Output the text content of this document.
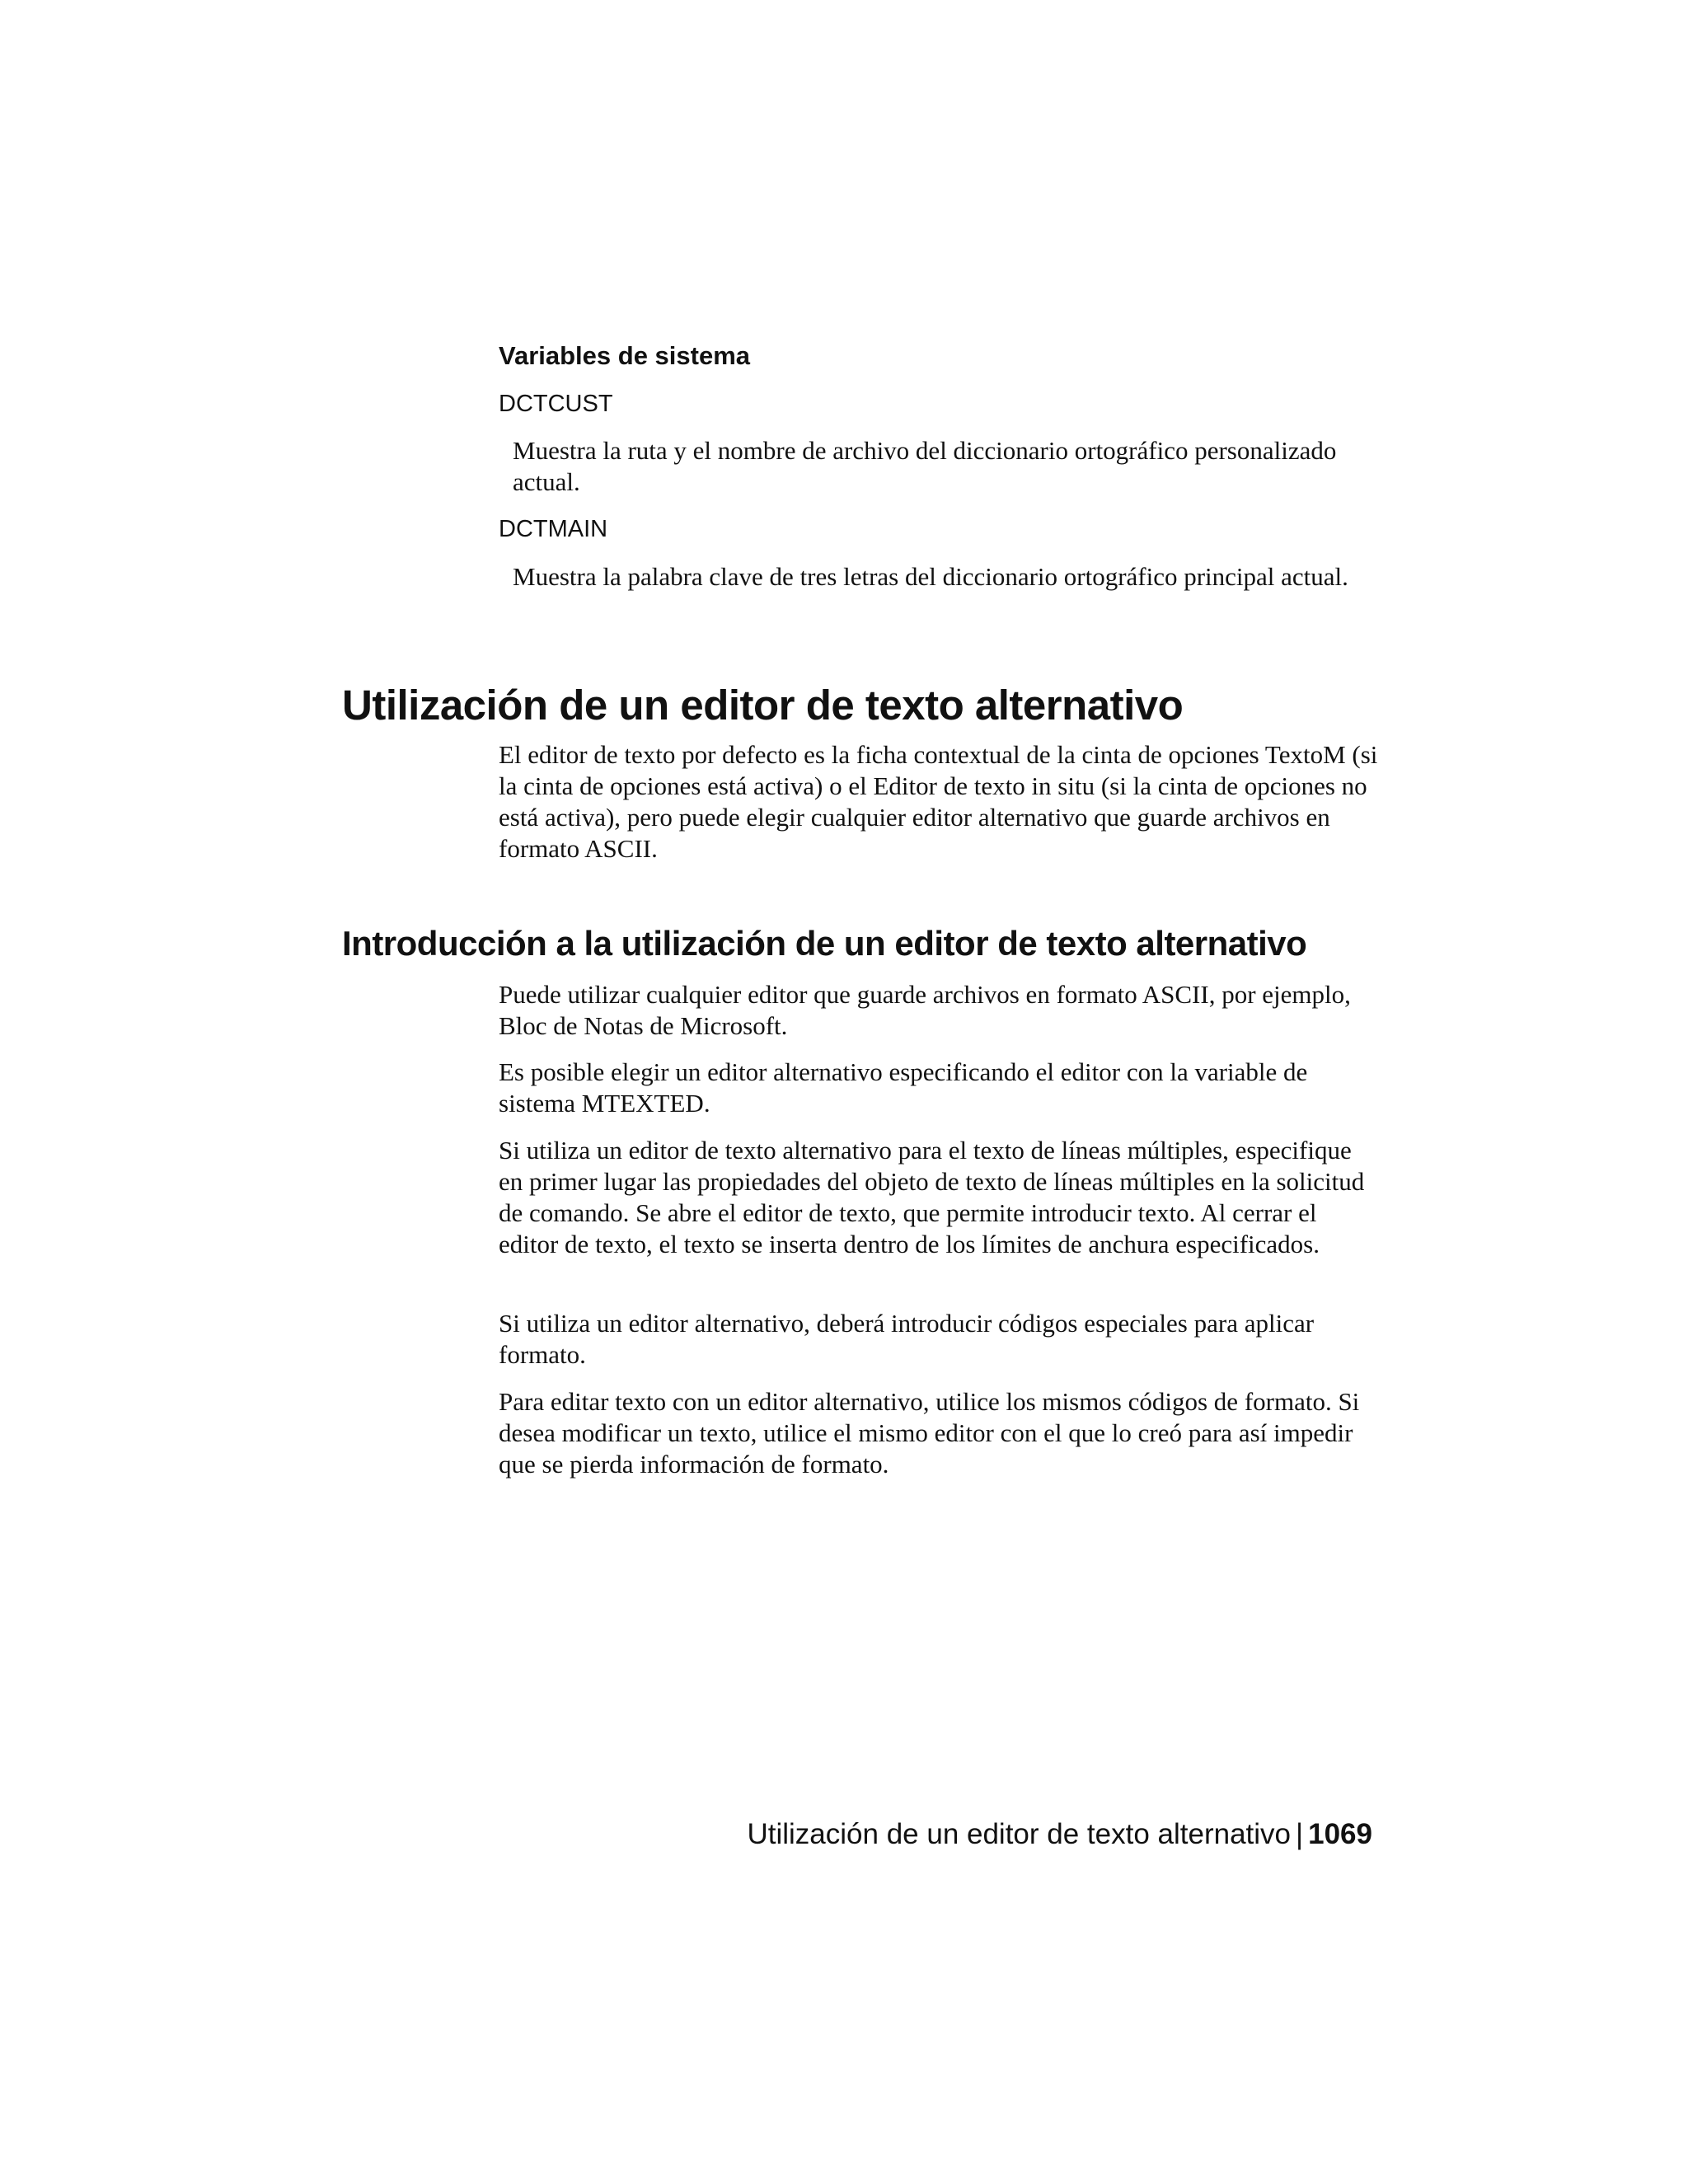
Variables de sistema
DCTCUST
Muestra la ruta y el nombre de archivo del diccionario ortográfico personalizado actual.
DCTMAIN
Muestra la palabra clave de tres letras del diccionario ortográfico principal actual.
Utilización de un editor de texto alternativo
El editor de texto por defecto es la ficha contextual de la cinta de opciones TextoM (si la cinta de opciones está activa) o el Editor de texto in situ (si la cinta de opciones no está activa), pero puede elegir cualquier editor alternativo que guarde archivos en formato ASCII.
Introducción a la utilización de un editor de texto alternativo
Puede utilizar cualquier editor que guarde archivos en formato ASCII, por ejemplo, Bloc de Notas de Microsoft.
Es posible elegir un editor alternativo especificando el editor con la variable de sistema MTEXTED.
Si utiliza un editor de texto alternativo para el texto de líneas múltiples, especifique en primer lugar las propiedades del objeto de texto de líneas múltiples en la solicitud de comando. Se abre el editor de texto, que permite introducir texto. Al cerrar el editor de texto, el texto se inserta dentro de los límites de anchura especificados.
Si utiliza un editor alternativo, deberá introducir códigos especiales para aplicar formato.
Para editar texto con un editor alternativo, utilice los mismos códigos de formato. Si desea modificar un texto, utilice el mismo editor con el que lo creó para así impedir que se pierda información de formato.
Utilización de un editor de texto alternativo | 1069
